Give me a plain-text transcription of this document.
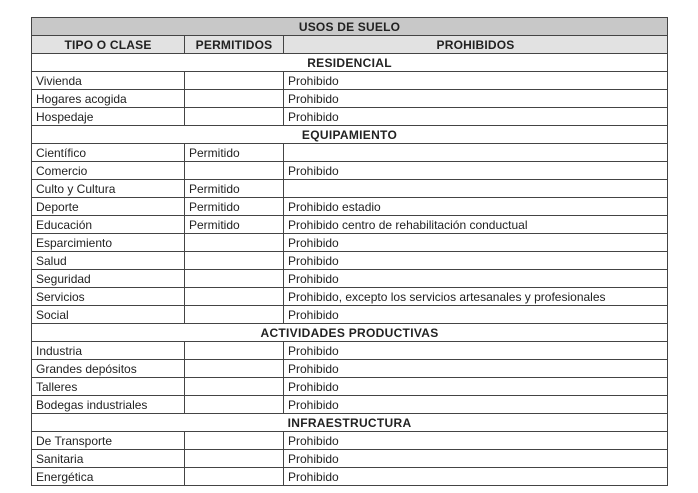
USOS DE SUELO		
TIPO O CLASE	PERMITIDOS	PROHIBIDOS
RESIDENCIAL		
Vivienda		Prohibido
Hogares acogida		Prohibido
Hospedaje		Prohibido
EQUIPAMIENTO		
Científico	Permitido	
Comercio		Prohibido
Culto y Cultura	Permitido	
Deporte	Permitido	Prohibido estadio
Educación	Permitido	Prohibido centro de rehabilitación conductual
Esparcimiento		Prohibido
Salud		Prohibido
Seguridad		Prohibido
Servicios		Prohibido, excepto los servicios artesanales y profesionales
Social		Prohibido
ACTIVIDADES PRODUCTIVAS		
Industria		Prohibido
Grandes depósitos		Prohibido
Talleres		Prohibido
Bodegas industriales		Prohibido
INFRAESTRUCTURA		
De Transporte		Prohibido
Sanitaria		Prohibido
Energética		Prohibido
